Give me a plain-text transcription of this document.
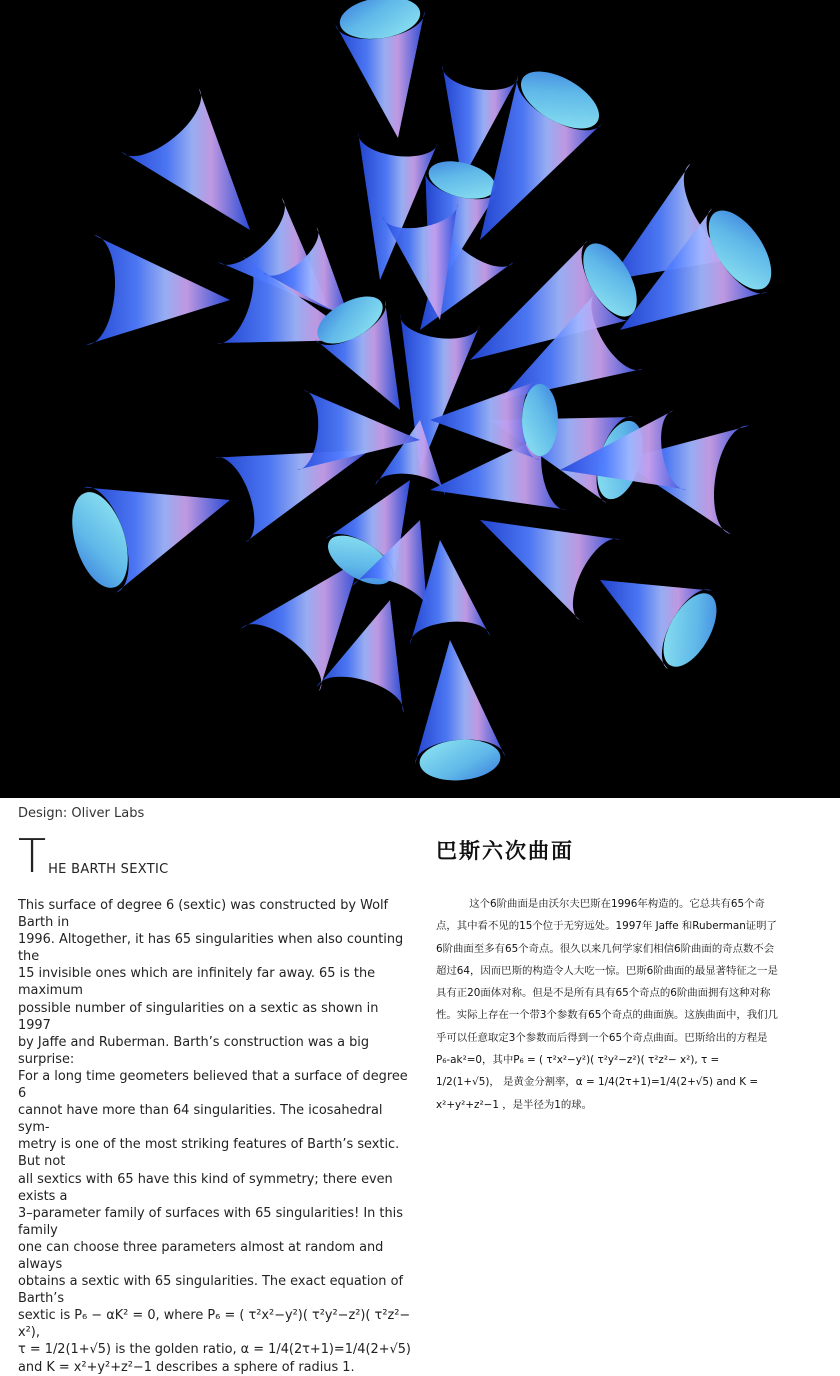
Design: Oliver Labs
T HE BARTH SEXTIC
This surface of degree 6 (sextic) was constructed by Wolf Barth in
1996. Altogether, it has 65 singularities when also counting the
15 invisible ones which are infinitely far away. 65 is the maximum
possible number of singularities on a sextic as shown in 1997
by Jaffe and Ruberman. Barth’s construction was a big surprise:
For a long time geometers believed that a surface of degree 6
cannot have more than 64 singularities. The icosahedral sym-
metry is one of the most striking features of Barth’s sextic. But not
all sextics with 65 have this kind of symmetry; there even exists a
3–parameter family of surfaces with 65 singularities! In this family
one can choose three parameters almost at random and always
obtains a sextic with 65 singularities. The exact equation of Barth’s
sextic is P₆ − αK² = 0, where P₆ = ( τ²x²−y²)( τ²y²−z²)( τ²z²− x²),
τ = 1/2(1+√5) is the golden ratio, α = 1/4(2τ+1)=1/4(2+√5)
and K = x²+y²+z²−1 describes a sphere of radius 1.
巴斯六次曲面

这个6阶曲面是由沃尔夫巴斯在1996年构造的。它总共有65个奇点，其中看不见的15个位于无穷远处。1997年 Jaffe 和Ruberman证明了6阶曲面至多有65个奇点。很久以来几何学家们相信6阶曲面的奇点数不会超过64，因而巴斯的构造令人大吃一惊。巴斯6阶曲面的最显著特征之一是具有正20面体对称。但是不是所有具有65个奇点的6阶曲面拥有这种对称性。实际上存在一个带3个参数有65个奇点的曲面族。这族曲面中，我们几乎可以任意取定3个参数而后得到一个65个奇点曲面。巴斯给出的方程是P₆-ak²=0，其中P₆ = ( τ²x²−y²)( τ²y²−z²)( τ²z²− x²), τ = 1/2(1+√5)， 是黄金分割率，α = 1/4(2τ+1)=1/4(2+√5) and K = x²+y²+z²−1 ，是半径为1的球。
